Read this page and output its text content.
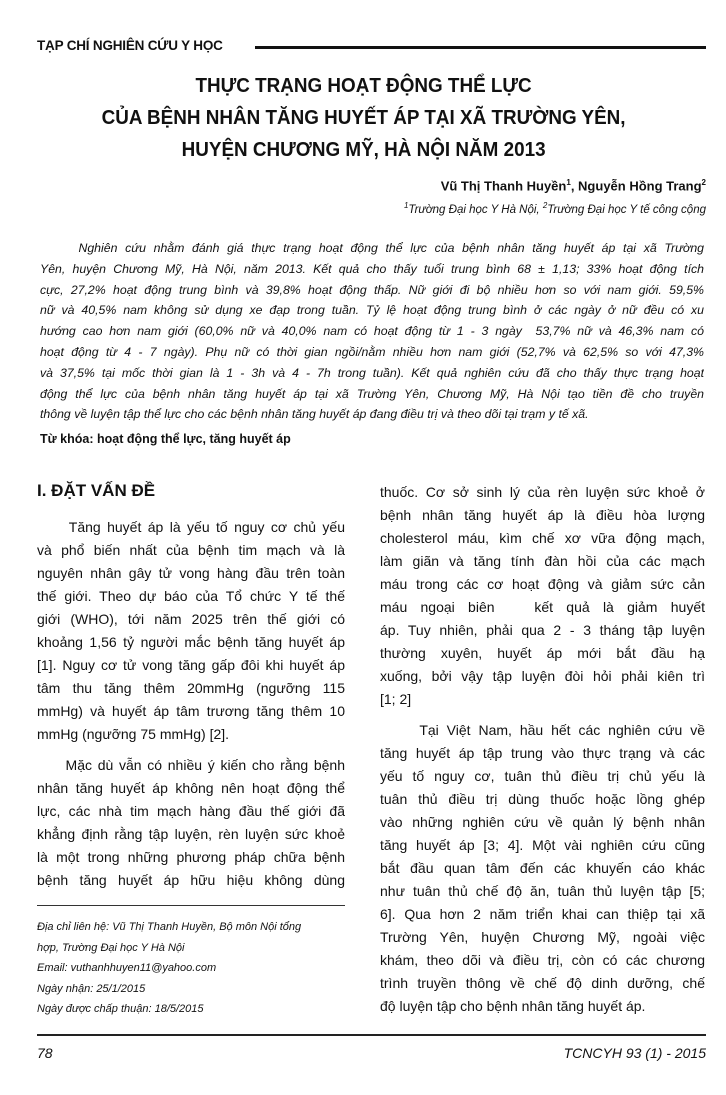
TẠP CHÍ NGHIÊN CỨU Y HỌC
THỰC TRẠNG HOẠT ĐỘNG THỂ LỰC
CỦA BỆNH NHÂN TĂNG HUYẾT ÁP TẠI XÃ TRƯỜNG YÊN,
HUYỆN CHƯƠNG MỸ, HÀ NỘI NĂM 2013
Vũ Thị Thanh Huyền$^1$, Nguyễn Hồng Trang$^2$
$^1$Trường Đại học Y Hà Nội, $^2$Trường Đại học Y tế công cộng
Nghiên cứu nhằm đánh giá thực trạng hoạt động thể lực của bệnh nhân tăng huyết áp tại xã Trường
Yên, huyện Chương Mỹ, Hà Nội, năm 2013. Kết quả cho thấy tuổi trung bình 68 ± 1,13; 33% hoạt động tích
cực, 27,2% hoạt động trung bình và 39,8% hoạt động thấp. Nữ giới đi bộ nhiều hơn so với nam giới. 59,5%
nữ và 40,5% nam không sử dụng xe đạp trong tuần. Tỷ lệ hoạt động trung bình ở các ngày ở nữ đều có xu
hướng cao hơn nam giới (60,0% nữ và 40,0% nam có hoạt động từ 1 - 3 ngày  53,7% nữ và 46,3% nam có
hoạt động từ 4 - 7 ngày). Phụ nữ có thời gian ngồi/nằm nhiều hơn nam giới (52,7% và 62,5% so với 47,3%
và 37,5% tại mốc thời gian là 1 - 3h và 4 - 7h trong tuần). Kết quả nghiên cứu đã cho thấy thực trạng hoạt
động thể lực của bệnh nhân tăng huyết áp tại xã Trường Yên, Chương Mỹ, Hà Nội tạo tiền đề cho truyền
thông về luyện tập thể lực cho các bệnh nhân tăng huyết áp đang điều trị và theo dõi tại trạm y tế xã.
Từ khóa: hoạt động thể lực, tăng huyết áp
I. ĐẶT VẤN ĐỀ
Tăng huyết áp là yếu tố nguy cơ chủ yếu
và phổ biến nhất của bệnh tim mạch và là
nguyên nhân gây tử vong hàng đầu trên toàn
thế giới. Theo dự báo của Tổ chức Y tế thế
giới (WHO), tới năm 2025 trên thế giới có
khoảng 1,56 tỷ người mắc bệnh tăng huyết áp
[1]. Nguy cơ tử vong tăng gấp đôi khi huyết áp
tâm thu tăng thêm 20mmHg (ngưỡng 115
mmHg) và huyết áp tâm trương tăng thêm 10
mmHg (ngưỡng 75 mmHg) [2].
Mặc dù vẫn có nhiều ý kiến cho rằng bệnh
nhân tăng huyết áp không nên hoạt động thể
lực, các nhà tim mạch hàng đầu thế giới đã
khẳng định rằng tập luyện, rèn luyện sức khoẻ
là một trong những phương pháp chữa bệnh
bệnh tăng huyết áp hữu hiệu không dùng
thuốc. Cơ sở sinh lý của rèn luyện sức khoẻ ở
bệnh nhân tăng huyết áp là điều hòa lượng
cholesterol máu, kìm chế xơ vữa động mạch,
làm giãn và tăng tính đàn hồi của các mạch
máu trong các cơ hoạt động và giảm sức cản
máu ngoại biên   kết quả là giảm huyết
áp. Tuy nhiên, phải qua 2 - 3 tháng tập luyện
thường xuyên, huyết áp mới bắt đầu hạ
xuống, bởi vậy tập luyện đòi hỏi phải kiên trì
[1; 2]
Tại Việt Nam, hầu hết các nghiên cứu về
tăng huyết áp tập trung vào thực trạng và các
yếu tố nguy cơ, tuân thủ điều trị chủ yếu là
tuân thủ điều trị dùng thuốc hoặc lồng ghép
vào những nghiên cứu về quản lý bệnh nhân
tăng huyết áp [3; 4]. Một vài nghiên cứu cũng
bắt đầu quan tâm đến các khuyến cáo khác
như tuân thủ chế độ ăn, tuân thủ luyện tập [5;
6]. Qua hơn 2 năm triển khai can thiệp tại xã
Trường Yên, huyện Chương Mỹ, ngoài việc
khám, theo dõi và điều trị, còn có các chương
trình truyền thông về chế độ dinh dưỡng, chế
độ luyện tập cho bệnh nhân tăng huyết áp.
Địa chỉ liên hệ: Vũ Thị Thanh Huyền, Bộ môn Nội tổng
hợp, Trường Đại học Y Hà Nội
Email: vuthanhhuyen11@yahoo.com
Ngày nhận: 25/1/2015
Ngày được chấp thuận: 18/5/2015
78	TCNCYH 93 (1) - 2015
